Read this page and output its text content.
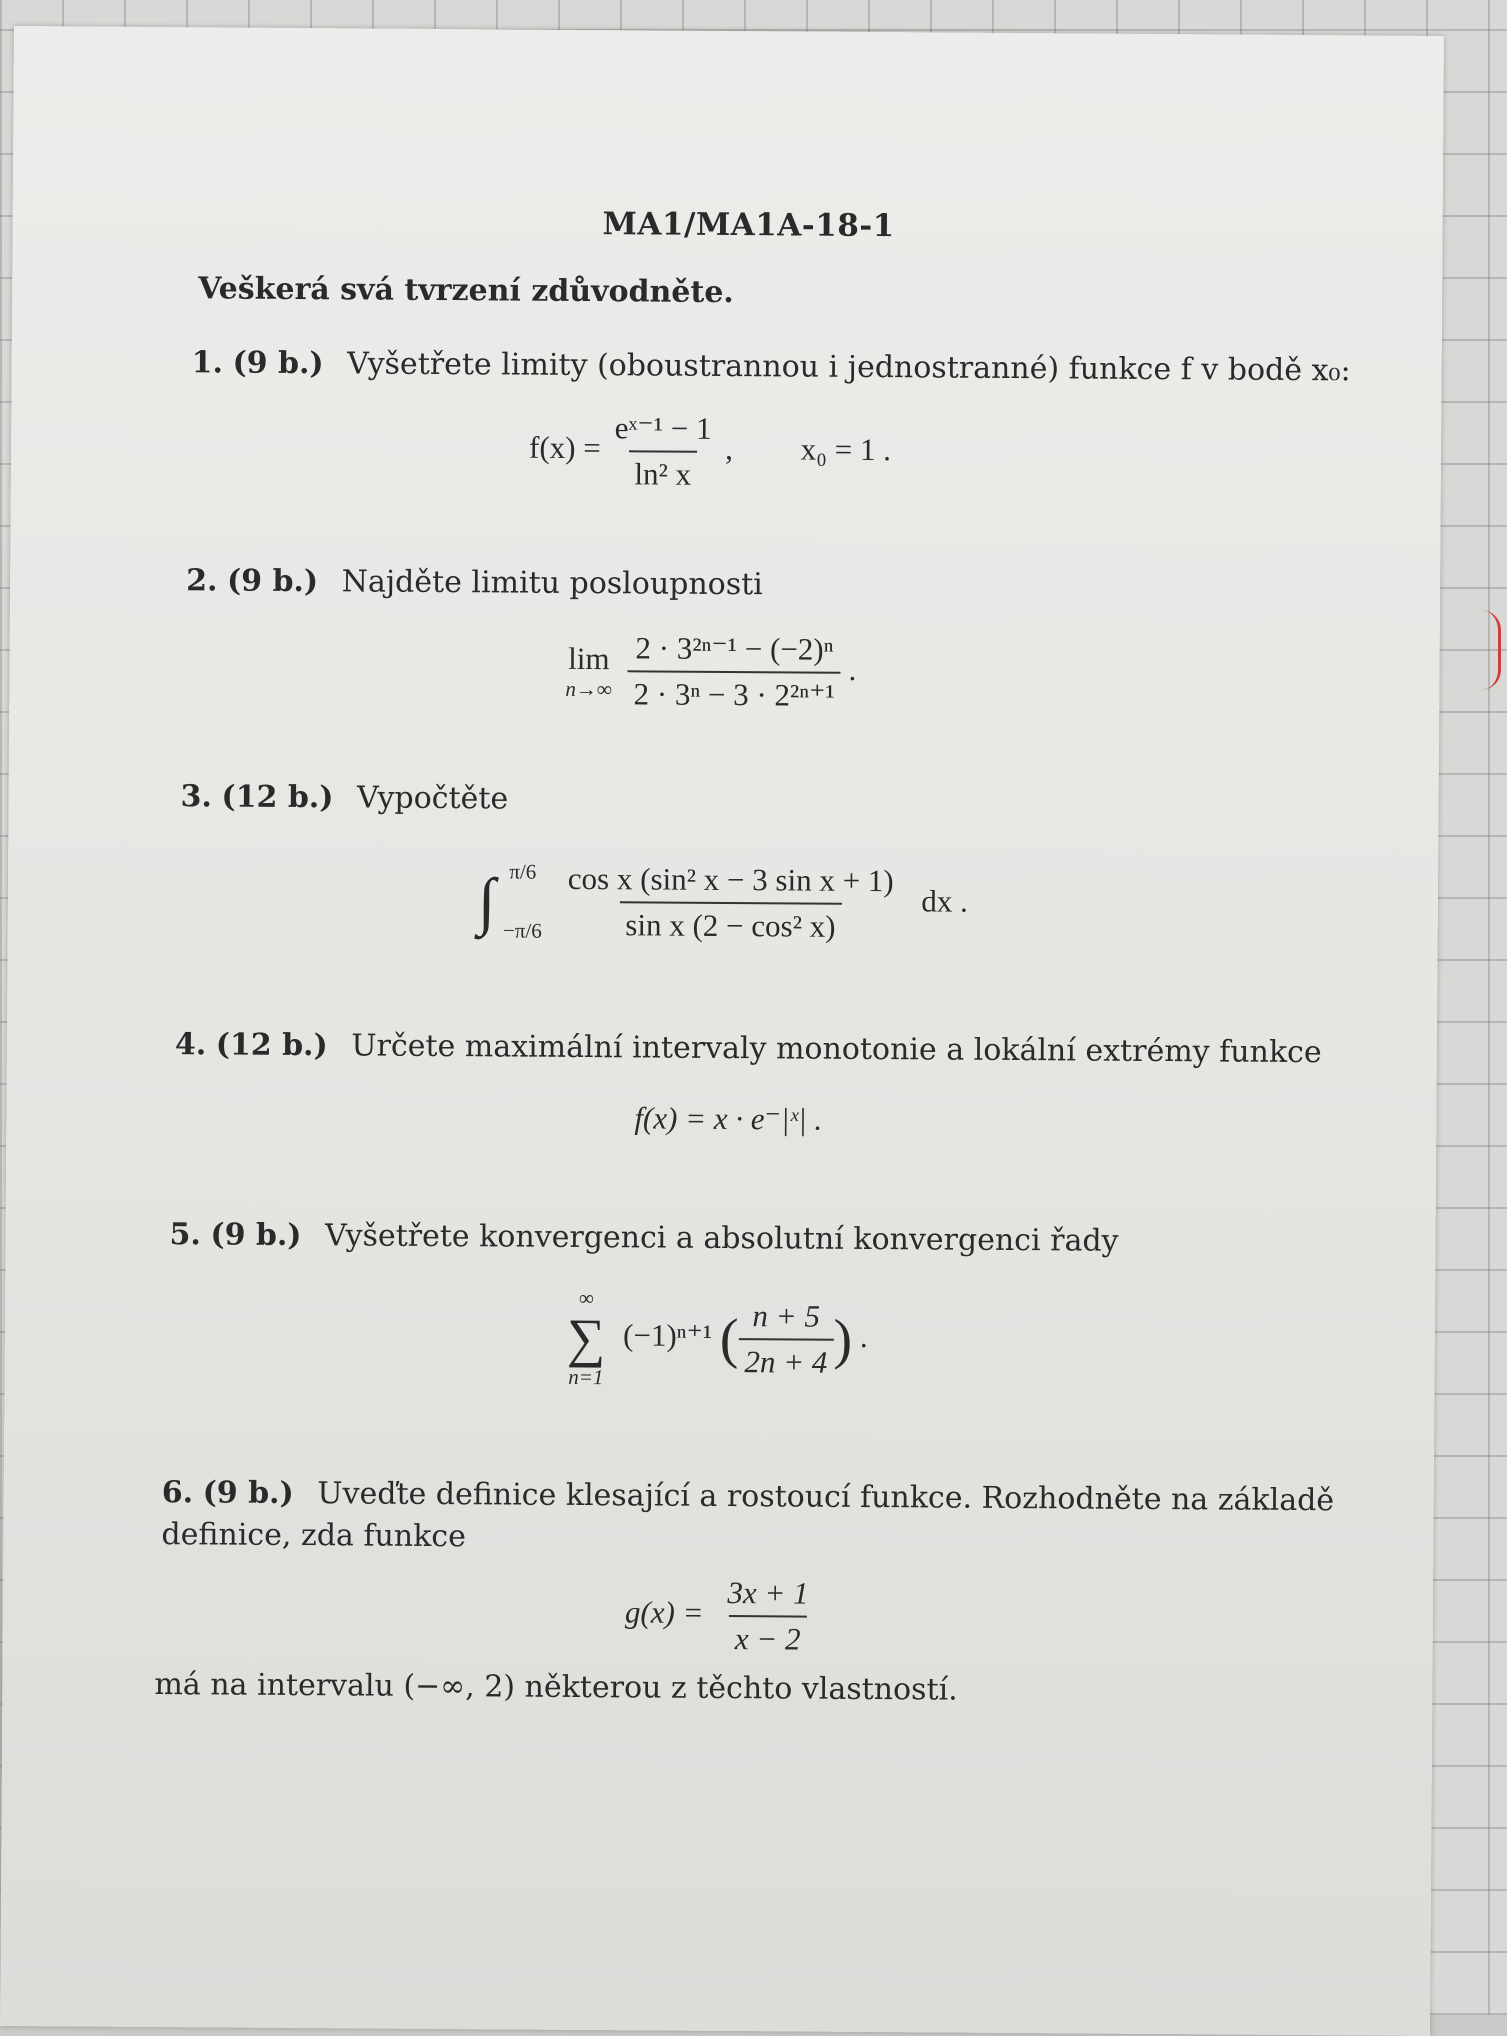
MA1/MA1A-18-1
Veškerá svá tvrzení zdůvodněte.
1. (9 b.) Vyšetřete limity (oboustrannou i jednostranné) funkce f v bodě x₀:
$f(x) = \frac{\text{eˣ⁻¹ − 1}}{\text{ln² x}}$ , x₀ = 1 .
2. (9 b.) Najděte limitu posloupnosti
lim
n→∞
$\frac{\text{2 · 3²ⁿ⁻¹ − (−2)ⁿ}}{\text{2 · 3ⁿ − 3 · 2²ⁿ⁺¹}}$ .
3. (12 b.) Vypočtěte
∫ π/6
−π/6
$\frac{\text{cos x (sin² x − 3 sin x + 1)}}{\text{sin x (2 − cos² x)}}$ dx .
4. (12 b.) Určete maximální intervaly monotonie a lokální extrémy funkce
f(x) = x · e⁻|ˣ| .
5. (9 b.) Vyšetřete konvergenci a absolutní konvergenci řady
∞
∑
n=1
(−1)ⁿ⁺¹ ( $\frac{n + 5}{2n + 4}$ ) .
6. (9 b.) Uveďte definice klesající a rostoucí funkce. Rozhodněte na základě
definice, zda funkce
$g(x) = \frac{3x + 1}{x - 2}$
má na intervalu (−∞, 2) některou z těchto vlastností.
